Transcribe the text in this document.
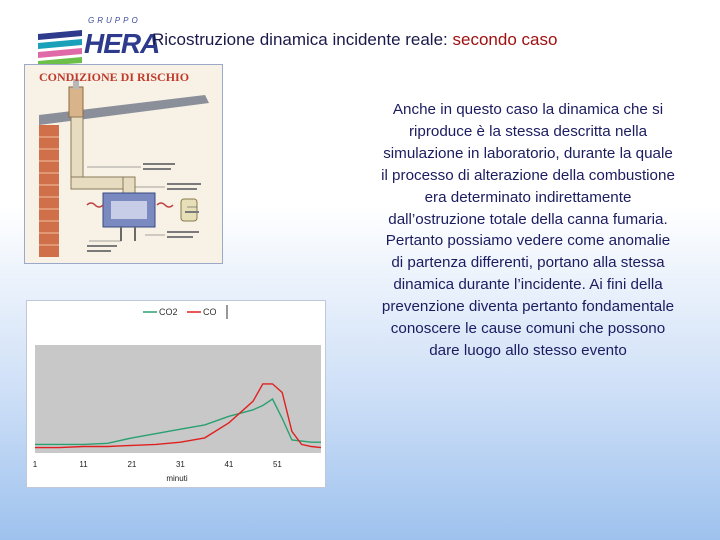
GRUPPO
HERA
Ricostruzione dinamica incidente reale: secondo caso
CONDIZIONE DI RISCHIO
CO2	CO
1	11	21	31	41	51
minuti
Anche in questo caso la dinamica che si riproduce è la stessa descritta nella simulazione in laboratorio, durante la quale il processo di alterazione della combustione era determinato indirettamente dall’ostruzione totale della canna fumaria. Pertanto possiamo vedere come anomalie di partenza differenti, portano alla stessa dinamica durante l’incidente. Ai fini della prevenzione diventa pertanto fondamentale conoscere le cause comuni che possono dare luogo allo stesso evento
